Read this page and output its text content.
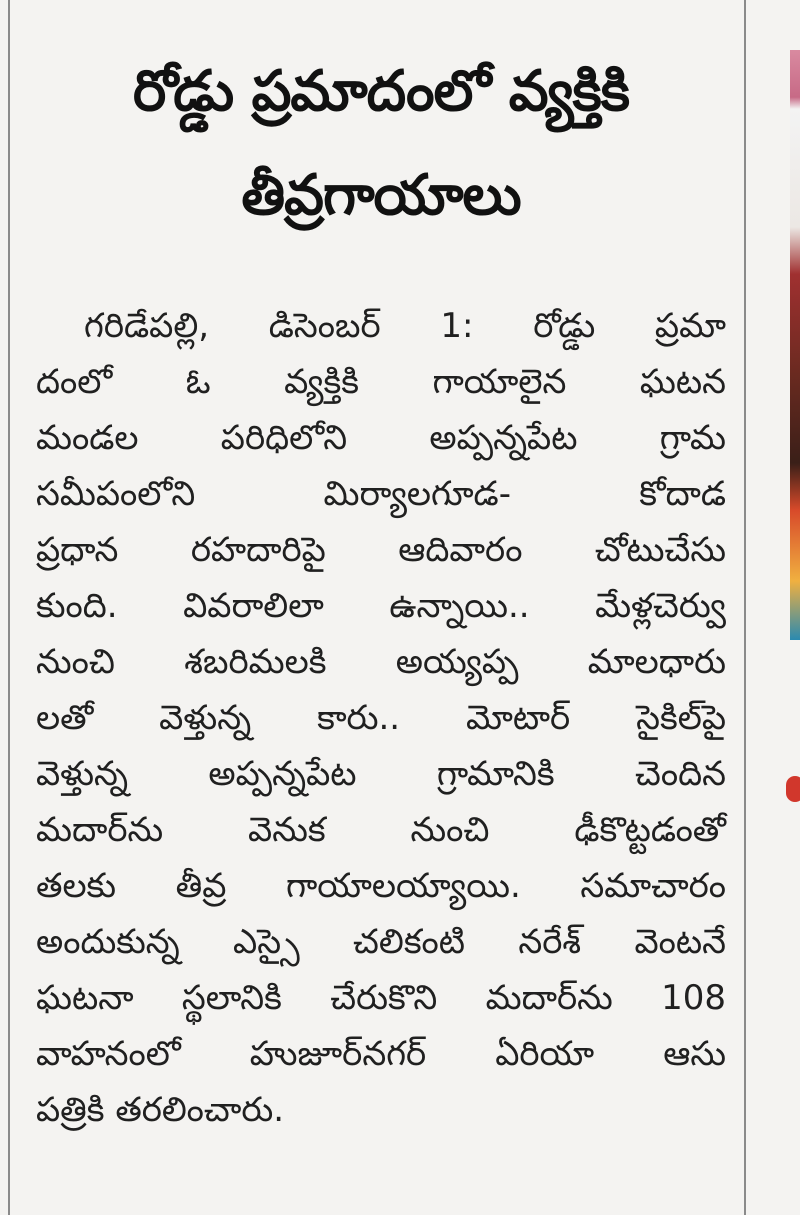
రోడ్డు ప్రమాదంలో వ్యక్తికి
తీవ్రగాయాలు
గరిడేపల్లి, డిసెంబర్ 1: రోడ్డు ప్రమా
దంలో ఓ వ్యక్తికి గాయాలైన ఘటన
మండల పరిధిలోని అప్పన్నపేట గ్రామ
సమీపంలోని మిర్యాలగూడ- కోదాడ
ప్రధాన రహదారిపై ఆదివారం చోటుచేసు
కుంది. వివరాలిలా ఉన్నాయి.. మేళ్లచెర్వు
నుంచి శబరిమలకి అయ్యప్ప మాలధారు
లతో వెళ్తున్న కారు.. మోటార్ సైకిల్‌పై
వెళ్తున్న అప్పన్నపేట గ్రామానికి చెందిన
మదార్‌ను వెనుక నుంచి ఢీకొట్టడంతో
తలకు తీవ్ర గాయాలయ్యాయి. సమాచారం
అందుకున్న ఎస్సై చలికంటి నరేశ్ వెంటనే
ఘటనా స్థలానికి చేరుకొని మదార్‌ను 108
వాహనంలో హుజూర్‌నగర్ ఏరియా ఆసు
పత్రికి తరలించారు.
